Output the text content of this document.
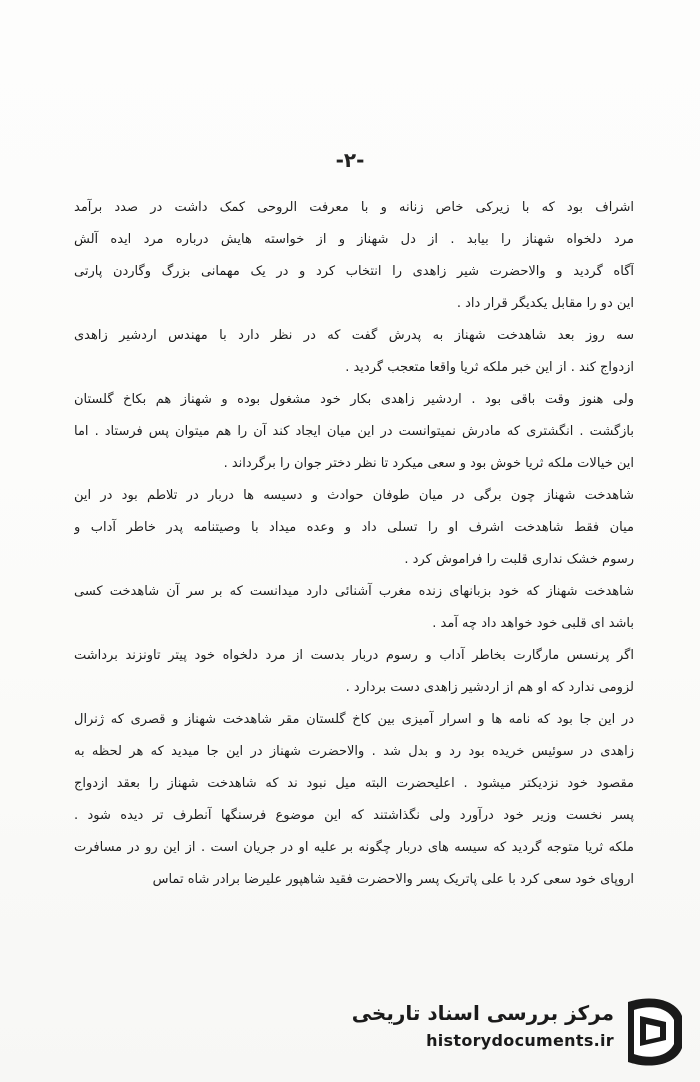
-۲-
اشراف بود که با زیرکی خاص زنانه و با معرفت الروحی کمک داشت در صدد برآمد
مرد دلخواه شهناز را بیابد . از دل شهناز و از خواسته هایش درباره مرد ایده آلش
آگاه گردید و والاحضرت شیر زاهدی را انتخاب کرد و در یک مهمانی بزرگ وگاردن پارتی
این دو را مقابل یکدیگر قرار داد .
سه روز بعد شاهدخت شهناز به پدرش گفت که در نظر دارد با مهندس اردشیر زاهدی
ازدواج کند . از این خبر ملکه ثریا واقعا متعجب گردید .
ولی هنوز وقت باقی بود . اردشیر زاهدی بکار خود مشغول بوده و شهناز هم بکاخ گلستان
بازگشت . انگشتری که مادرش نمیتوانست در این میان ایجاد کند آن را هم میتوان پس فرستاد . اما
این خیالات ملکه ثریا خوش بود و سعی میکرد تا نظر دختر جوان را برگرداند .
شاهدخت شهناز چون برگی در میان طوفان حوادث و دسیسه ها دربار در تلاطم بود در این
میان فقط شاهدخت اشرف او را تسلی داد و وعده میداد با وصیتنامه پدر خاطر آداب و
رسوم خشک نداری قلبت را فراموش کرد .
شاهدخت شهناز که خود بزبانهای زنده مغرب آشنائی دارد میدانست که بر سر آن شاهدخت کسی
باشد ای قلبی خود خواهد داد چه آمد .
اگر پرنسس مارگارت بخاطر آداب و رسوم دربار بدست از مرد دلخواه خود پیتر تاونزند برداشت
لزومی ندارد که او هم از اردشیر زاهدی دست بردارد .
در این جا بود که نامه ها و اسرار آمیزی بین کاخ گلستان مقر شاهدخت شهناز و قصری که ژنرال
زاهدی در سوئیس خریده بود رد و بدل شد . والاحضرت شهناز در این جا میدید که هر لحظه به
مقصود خود نزدیکتر میشود . اعلیحضرت البته میل نبود ند که شاهدخت شهناز را بعقد ازدواج
پسر نخست وزیر خود درآورد ولی نگذاشتند که این موضوع فرسنگها آنطرف تر دیده شود .
ملکه ثریا متوجه گردید که سیسه های دربار چگونه بر علیه او در جریان است . از این رو در مسافرت
اروپای خود سعی کرد با علی پاتریک پسر والاحضرت فقید شاهپور علیرضا برادر شاه تماس
مرکز بررسی اسناد تاریخی
historydocuments.ir
